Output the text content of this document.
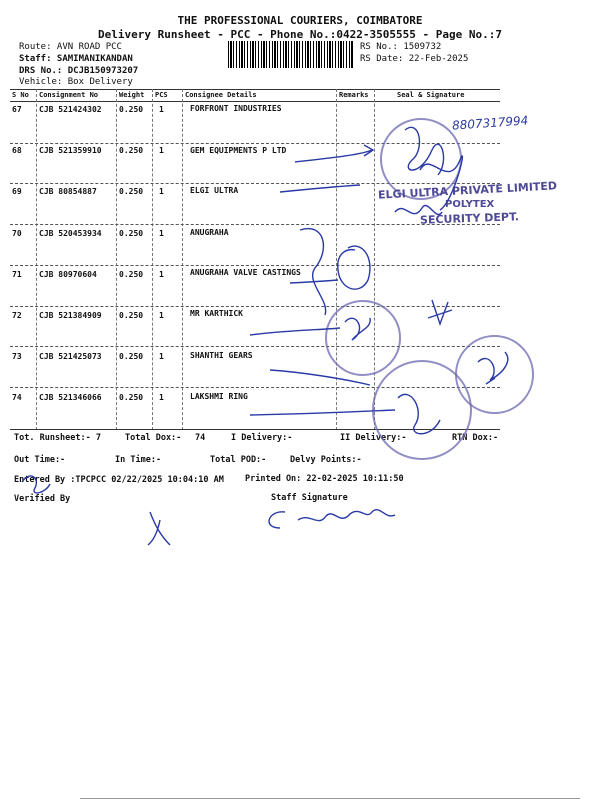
THE PROFESSIONAL COURIERS, COIMBATORE
Delivery Runsheet - PCC - Phone No.:0422-3505555 - Page No.:7
Route: AVN ROAD PCC
Staff: SAMIMANIKANDAN
DRS No.: DCJB150973207
Vehicle: Box Delivery
RS No.: 1509732
RS Date: 22-Feb-2025
S No Consignment No	Weight PCS Consignee Details	Remarks	Seal & Signature
67 CJB 521424302 0.250 1	FORFRONT INDUSTRIES
68 CJB 521359910 0.250 1	GEM EQUIPMENTS P LTD
69 CJB 80854887	0.250 1	ELGI ULTRA
70 CJB 520453934 0.250 1	ANUGRAHA
71 CJB 80970604	0.250 1	ANUGRAHA VALVE CASTINGS
72 CJB 521384909 0.250 1	MR KARTHICK
73 CJB 521425073 0.250 1	SHANTHI GEARS
74 CJB 521346066 0.250 1	LAKSHMI RING
Tot. Runsheet:- 7	Total Dox:- 74	I Delivery:-	II Delivery:-	RTN Dox:-
Out Time:-	In Time:-	Total POD:-	Delvy Points:-
Entered By :TPCPCC 02/22/2025 10:04:10 AM Printed On: 22-02-2025 10:11:50
Verified By	Staff Signature
8807317994
ELGI ULTRA PRIVATE LIMITED
POLYTEX
SECURITY DEPT.
